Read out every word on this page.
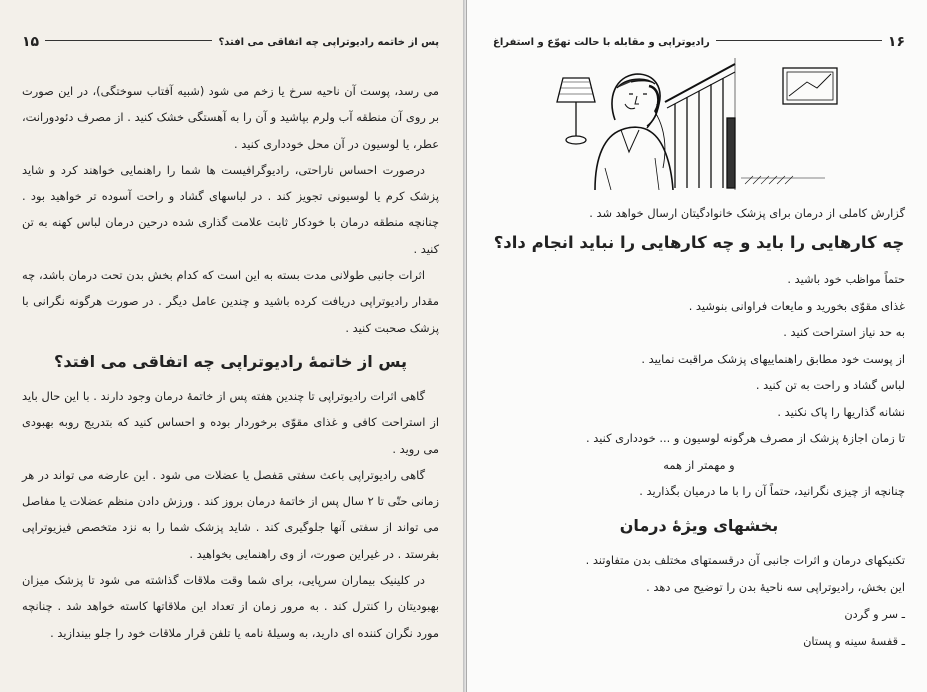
پس از خاتمه رادیوتراپی چه اتفاقی می افتد؟
۱۵

می رسد، پوست آن ناحیه سرخ یا زخم می شود (شبیه آفتاب سوختگی)، در این صورت بر روی آن منطقه آب ولرم بپاشید و آن را به آهستگی خشک کنید . از مصرف دئودورانت، عطر، یا لوسیون در آن محل خودداری کنید .

درصورت احساس ناراحتی، رادیوگرافیست ها شما را راهنمایی خواهند کرد و شاید پزشک کرم یا لوسیونی تجویز کند . در لباسهای گشاد و راحت آسوده تر خواهید بود . چنانچه منطقه درمان با خودکار ثابت علامت گذاری شده درحین درمان لباس کهنه به تن کنید .

اثرات جانبی طولانی مدت بسته به این است که کدام بخش بدن تحت درمان باشد، چه مقدار رادیوتراپی دریافت کرده باشید و چندین عامل دیگر . در صورت هرگونه نگرانی با پزشک صحبت کنید .

پس از خاتمهٔ رادیوتراپی چه اتفاقی می افتد؟

گاهی اثرات رادیوتراپی تا چندین هفته پس از خاتمهٔ درمان وجود دارند . با این حال باید از استراحت کافی و غذای مقوّی برخوردار بوده و احساس کنید که بتدریج روبه بهبودی می روید .

گاهی رادیوتراپی باعث سفتی مَفصل یا عضلات می شود . این عارضه می تواند در هر زمانی حتّی تا ۲ سال پس از خاتمهٔ درمان بروز کند . ورزش دادن منظم عضلات یا مفاصل می تواند از سفتی آنها جلوگیری کند . شاید پزشک شما را به نزد متخصص فیزیوتراپی بفرستد . در غیراین صورت، از وی راهنمایی بخواهید .

در کلینیک بیماران سرپایی، برای شما وقت ملاقات گذاشته می شود تا پزشک میزان بهبودیتان را کنترل کند . به مرور زمان از تعداد این ملاقاتها کاسته خواهد شد . چنانچه مورد نگران کننده ای دارید، به وسیلهٔ نامه یا تلفن قرار ملاقات خود را جلو بیندازید .

۱۶
رادیوتراپی و مقابله با حالت تهوّع و استفراغ

گزارش کاملی از درمان برای پزشک خانوادگیتان ارسال خواهد شد .

چه کارهایی را باید و چه کارهایی را نباید انجام داد؟

حتماً مواظب خود باشید .

غذای مقوّی بخورید و مایعات فراوانی بنوشید .

به حد نیاز استراحت کنید .

از پوست خود مطابق راهنماییهای پزشک مراقبت نمایید .

لباس گشاد و راحت به تن کنید .

نشانه گذاریها را پاک نکنید .

تا زمان اجازهٔ پزشک از مصرف هرگونه لوسیون و ... خودداری کنید .

و مهمتر از همه

چنانچه از چیزی نگرانید، حتماً آن را با ما درمیان بگذارید .

بخشهای ویژهٔ درمان

تکنیکهای درمان و اثرات جانبی آن درقسمتهای مختلف بدن متفاوتند .

این بخش، رادیوتراپی سه ناحیهٔ بدن را توضیح می دهد .

ـ سر و گردن

ـ قفسهٔ سینه و پستان
